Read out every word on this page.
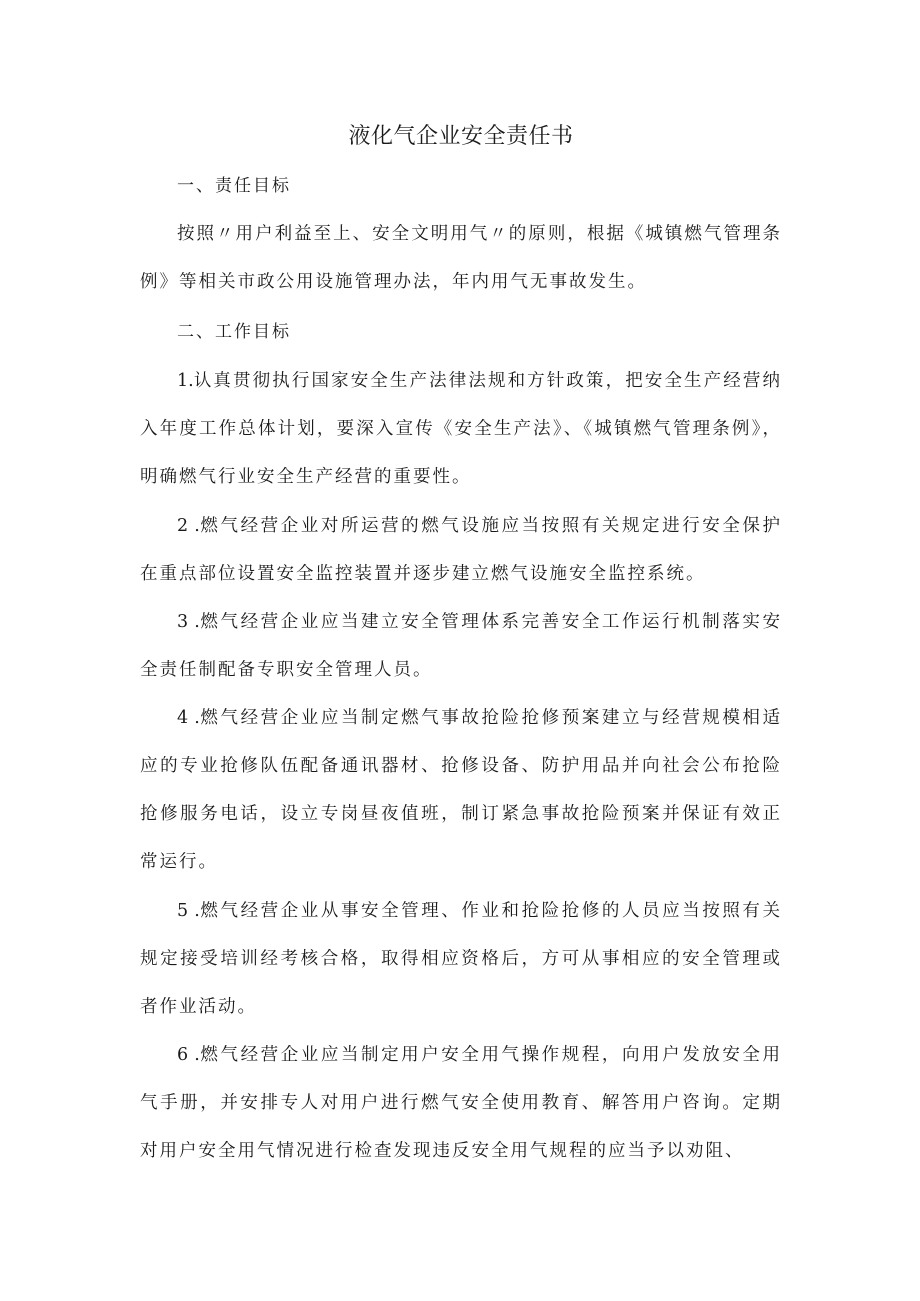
液化气企业安全责任书
一、责任目标

按照〃用户利益至上、安全文明用气〃的原则，根据《城镇燃气管理条例》等相关市政公用设施管理办法，年内用气无事故发生。

二、工作目标

1.认真贯彻执行国家安全生产法律法规和方针政策，把安全生产经营纳入年度工作总体计划，要深入宣传《安全生产法》、《城镇燃气管理条例》，明确燃气行业安全生产经营的重要性。

2 .燃气经营企业对所运营的燃气设施应当按照有关规定进行安全保护在重点部位设置安全监控装置并逐步建立燃气设施安全监控系统。

3 .燃气经营企业应当建立安全管理体系完善安全工作运行机制落实安全责任制配备专职安全管理人员。

4 .燃气经营企业应当制定燃气事故抢险抢修预案建立与经营规模相适应的专业抢修队伍配备通讯器材、抢修设备、防护用品并向社会公布抢险抢修服务电话，设立专岗昼夜值班，制订紧急事故抢险预案并保证有效正常运行。

5 .燃气经营企业从事安全管理、作业和抢险抢修的人员应当按照有关规定接受培训经考核合格，取得相应资格后，方可从事相应的安全管理或者作业活动。

6 .燃气经营企业应当制定用户安全用气操作规程，向用户发放安全用气手册，并安排专人对用户进行燃气安全使用教育、解答用户咨询。定期对用户安全用气情况进行检查发现违反安全用气规程的应当予以劝阻、
